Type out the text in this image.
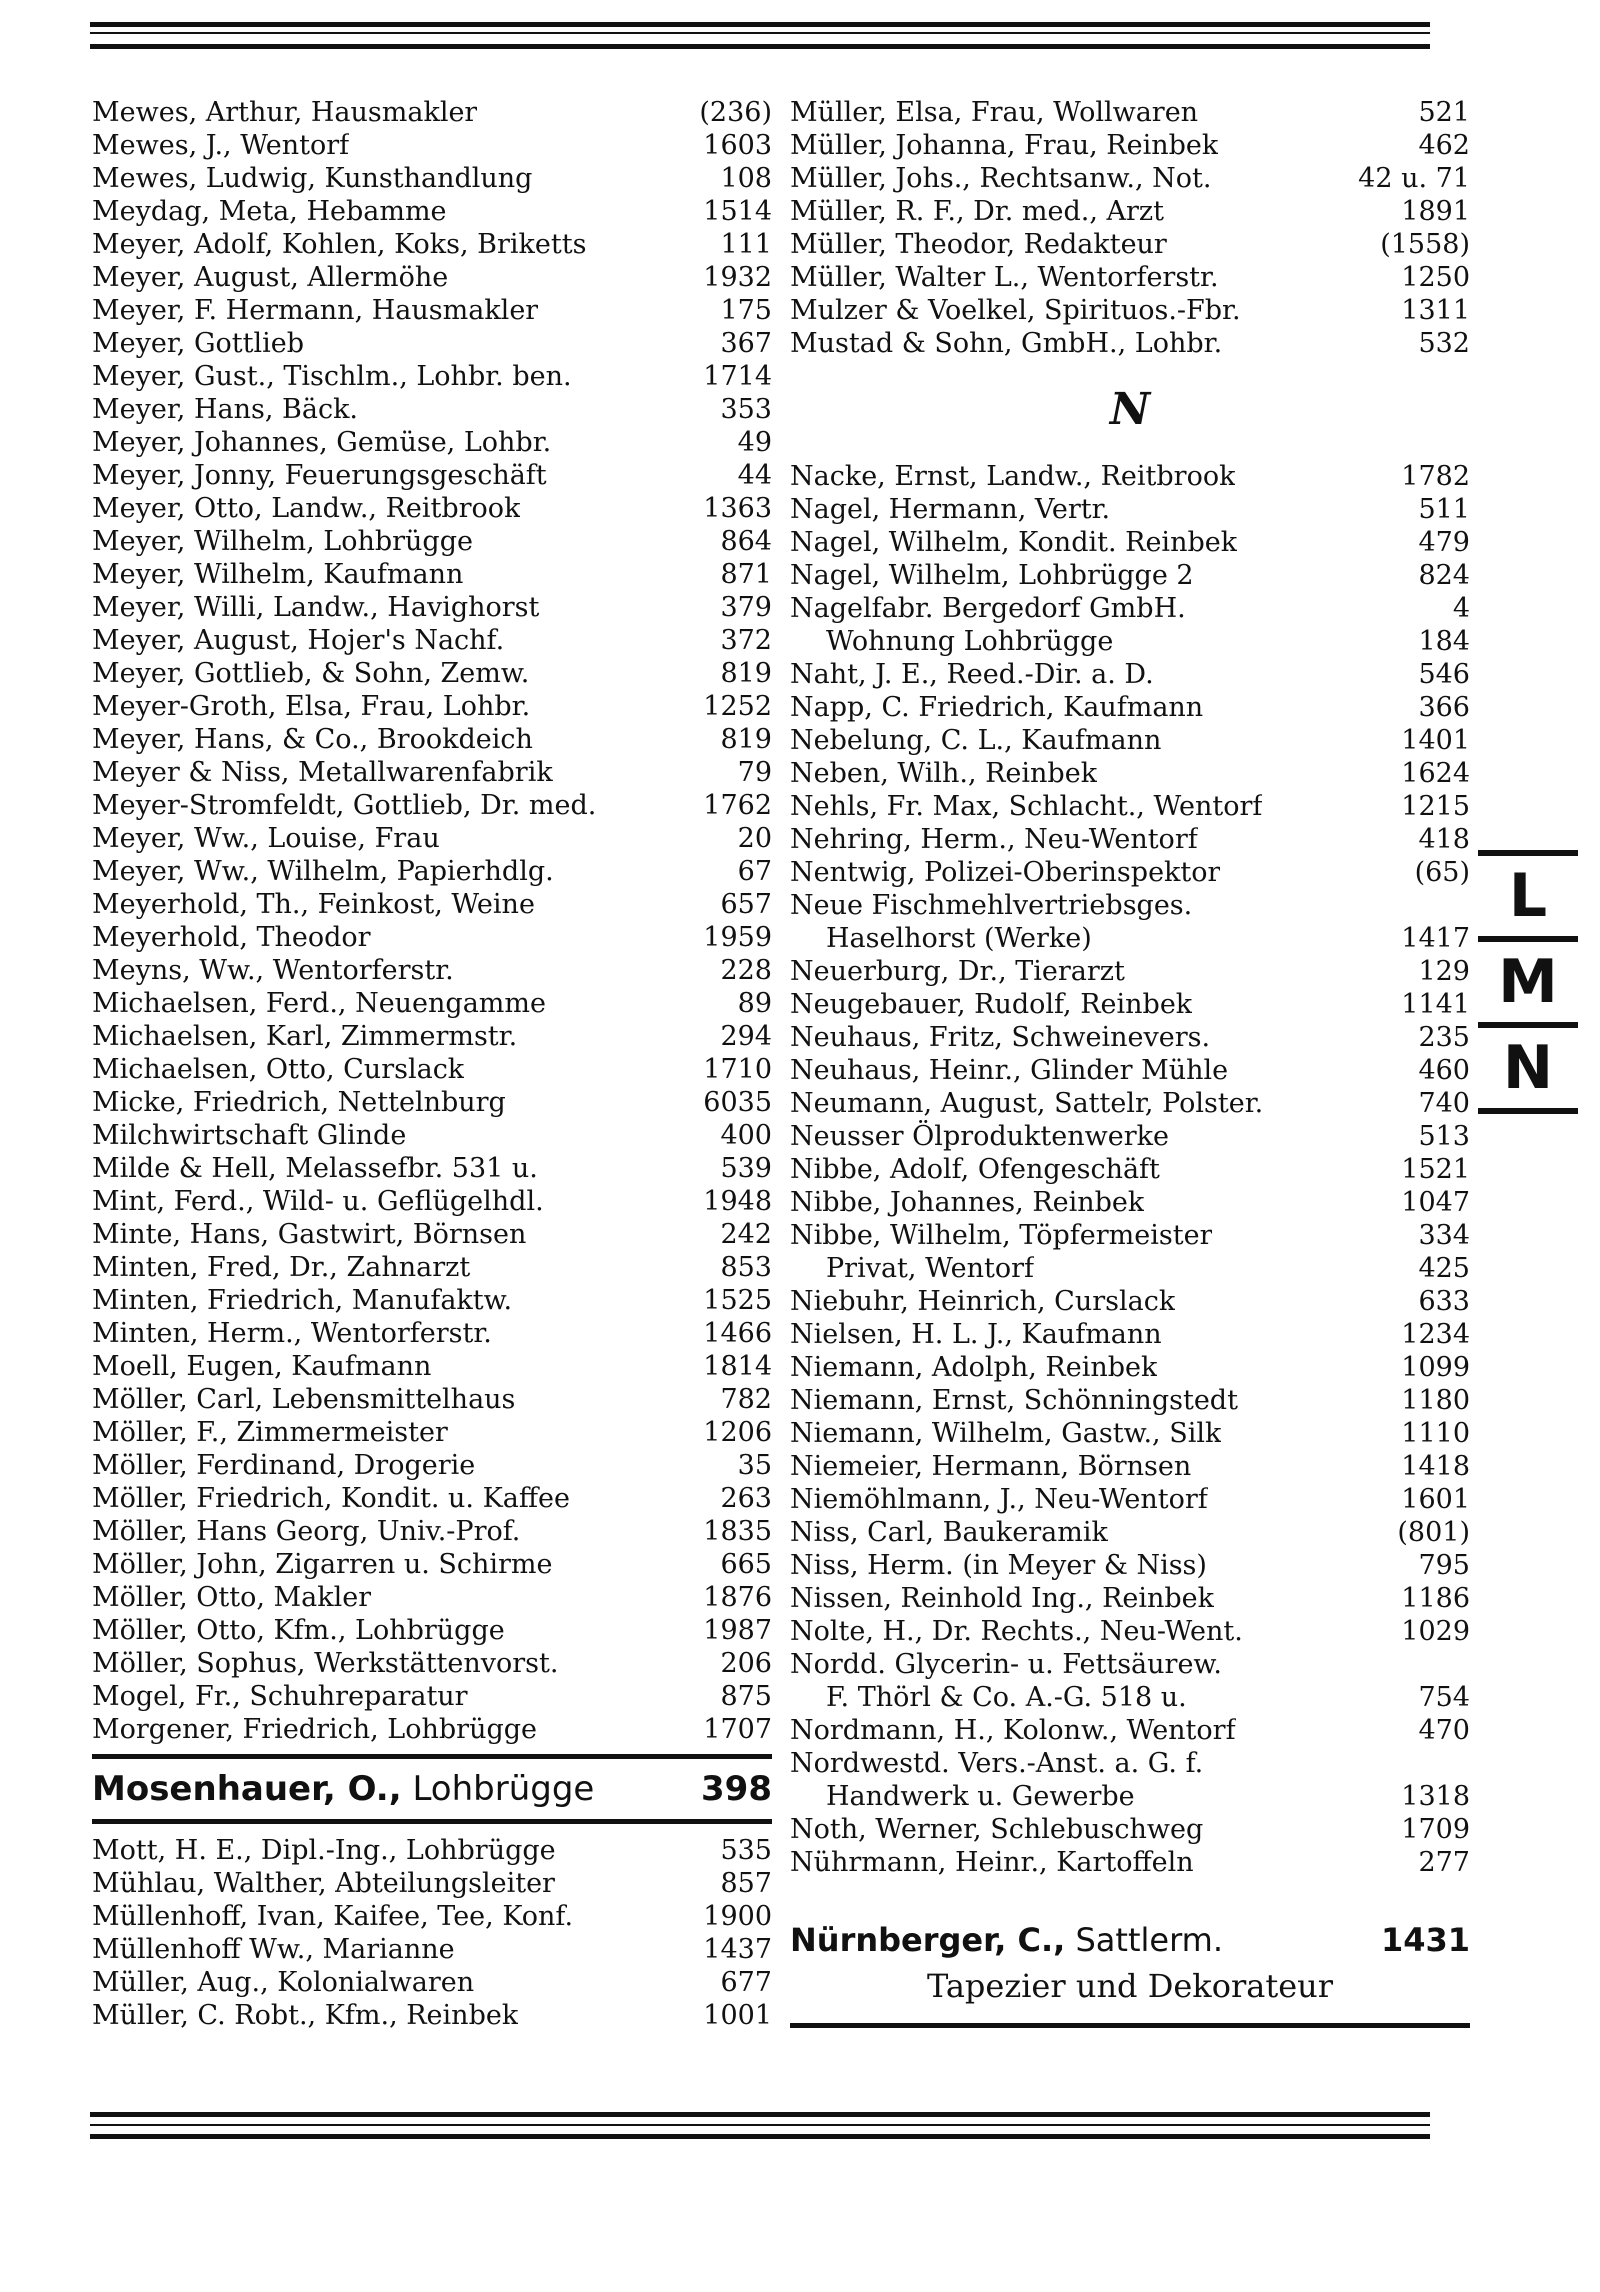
Mewes, Arthur, Hausmakler	(236)
Mewes, J., Wentorf	1603
Mewes, Ludwig, Kunsthandlung	108
Meydag, Meta, Hebamme	1514
Meyer, Adolf, Kohlen, Koks, Briketts	111
Meyer, August, Allermöhe	1932
Meyer, F. Hermann, Hausmakler	175
Meyer, Gottlieb	367
Meyer, Gust., Tischlm., Lohbr. ben.	1714
Meyer, Hans, Bäck.	353
Meyer, Johannes, Gemüse, Lohbr.	49
Meyer, Jonny, Feuerungsgeschäft	44
Meyer, Otto, Landw., Reitbrook	1363
Meyer, Wilhelm, Lohbrügge	864
Meyer, Wilhelm, Kaufmann	871
Meyer, Willi, Landw., Havighorst	379
Meyer, August, Hojer's Nachf.	372
Meyer, Gottlieb, & Sohn, Zemw.	819
Meyer-Groth, Elsa, Frau, Lohbr.	1252
Meyer, Hans, & Co., Brookdeich	819
Meyer & Niss, Metallwarenfabrik	79
Meyer-Stromfeldt, Gottlieb, Dr. med.	1762
Meyer, Ww., Louise, Frau	20
Meyer, Ww., Wilhelm, Papierhdlg.	67
Meyerhold, Th., Feinkost, Weine	657
Meyerhold, Theodor	1959
Meyns, Ww., Wentorferstr.	228
Michaelsen, Ferd., Neuengamme	89
Michaelsen, Karl, Zimmermstr.	294
Michaelsen, Otto, Curslack	1710
Micke, Friedrich, Nettelnburg	6035
Milchwirtschaft Glinde	400
Milde & Hell, Melassefbr. 531 u.	539
Mint, Ferd., Wild- u. Geflügelhdl.	1948
Minte, Hans, Gastwirt, Börnsen	242
Minten, Fred, Dr., Zahnarzt	853
Minten, Friedrich, Manufaktw.	1525
Minten, Herm., Wentorferstr.	1466
Moell, Eugen, Kaufmann	1814
Möller, Carl, Lebensmittelhaus	782
Möller, F., Zimmermeister	1206
Möller, Ferdinand, Drogerie	35
Möller, Friedrich, Kondit. u. Kaffee	263
Möller, Hans Georg, Univ.-Prof.	1835
Möller, John, Zigarren u. Schirme	665
Möller, Otto, Makler	1876
Möller, Otto, Kfm., Lohbrügge	1987
Möller, Sophus, Werkstättenvorst.	206
Mogel, Fr., Schuhreparatur	875
Morgener, Friedrich, Lohbrügge	1707
Mosenhauer, O., Lohbrügge	398
Mott, H. E., Dipl.-Ing., Lohbrügge	535
Mühlau, Walther, Abteilungsleiter	857
Müllenhoff, Ivan, Kaifee, Tee, Konf.	1900
Müllenhoff Ww., Marianne	1437
Müller, Aug., Kolonialwaren	677
Müller, C. Robt., Kfm., Reinbek	1001
Müller, Elsa, Frau, Wollwaren	521
Müller, Johanna, Frau, Reinbek	462
Müller, Johs., Rechtsanw., Not.	42 u. 71
Müller, R. F., Dr. med., Arzt	1891
Müller, Theodor, Redakteur	(1558)
Müller, Walter L., Wentorferstr.	1250
Mulzer & Voelkel, Spirituos.-Fbr.	1311
Mustad & Sohn, GmbH., Lohbr.	532
N
Nacke, Ernst, Landw., Reitbrook	1782
Nagel, Hermann, Vertr.	511
Nagel, Wilhelm, Kondit. Reinbek	479
Nagel, Wilhelm, Lohbrügge 2	824
Nagelfabr. Bergedorf GmbH.	4
Wohnung Lohbrügge	184
Naht, J. E., Reed.-Dir. a. D.	546
Napp, C. Friedrich, Kaufmann	366
Nebelung, C. L., Kaufmann	1401
Neben, Wilh., Reinbek	1624
Nehls, Fr. Max, Schlacht., Wentorf	1215
Nehring, Herm., Neu-Wentorf	418
Nentwig, Polizei-Oberinspektor	(65)
Neue Fischmehlvertriebsges.
Haselhorst (Werke)	1417
Neuerburg, Dr., Tierarzt	129
Neugebauer, Rudolf, Reinbek	1141
Neuhaus, Fritz, Schweinevers.	235
Neuhaus, Heinr., Glinder Mühle	460
Neumann, August, Sattelr, Polster.	740
Neusser Ölproduktenwerke	513
Nibbe, Adolf, Ofengeschäft	1521
Nibbe, Johannes, Reinbek	1047
Nibbe, Wilhelm, Töpfermeister	334
Privat, Wentorf	425
Niebuhr, Heinrich, Curslack	633
Nielsen, H. L. J., Kaufmann	1234
Niemann, Adolph, Reinbek	1099
Niemann, Ernst, Schönningstedt	1180
Niemann, Wilhelm, Gastw., Silk	1110
Niemeier, Hermann, Börnsen	1418
Niemöhlmann, J., Neu-Wentorf	1601
Niss, Carl, Baukeramik	(801)
Niss, Herm. (in Meyer & Niss)	795
Nissen, Reinhold Ing., Reinbek	1186
Nolte, H., Dr. Rechts., Neu-Went.	1029
Nordd. Glycerin- u. Fettsäurew.
F. Thörl & Co. A.-G. 518 u.	754
Nordmann, H., Kolonw., Wentorf	470
Nordwestd. Vers.-Anst. a. G. f.
Handwerk u. Gewerbe	1318
Noth, Werner, Schlebuschweg	1709
Nührmann, Heinr., Kartoffeln	277
Nürnberger, C., Sattlerm.	1431
Tapezier und Dekorateur
L
M
N
